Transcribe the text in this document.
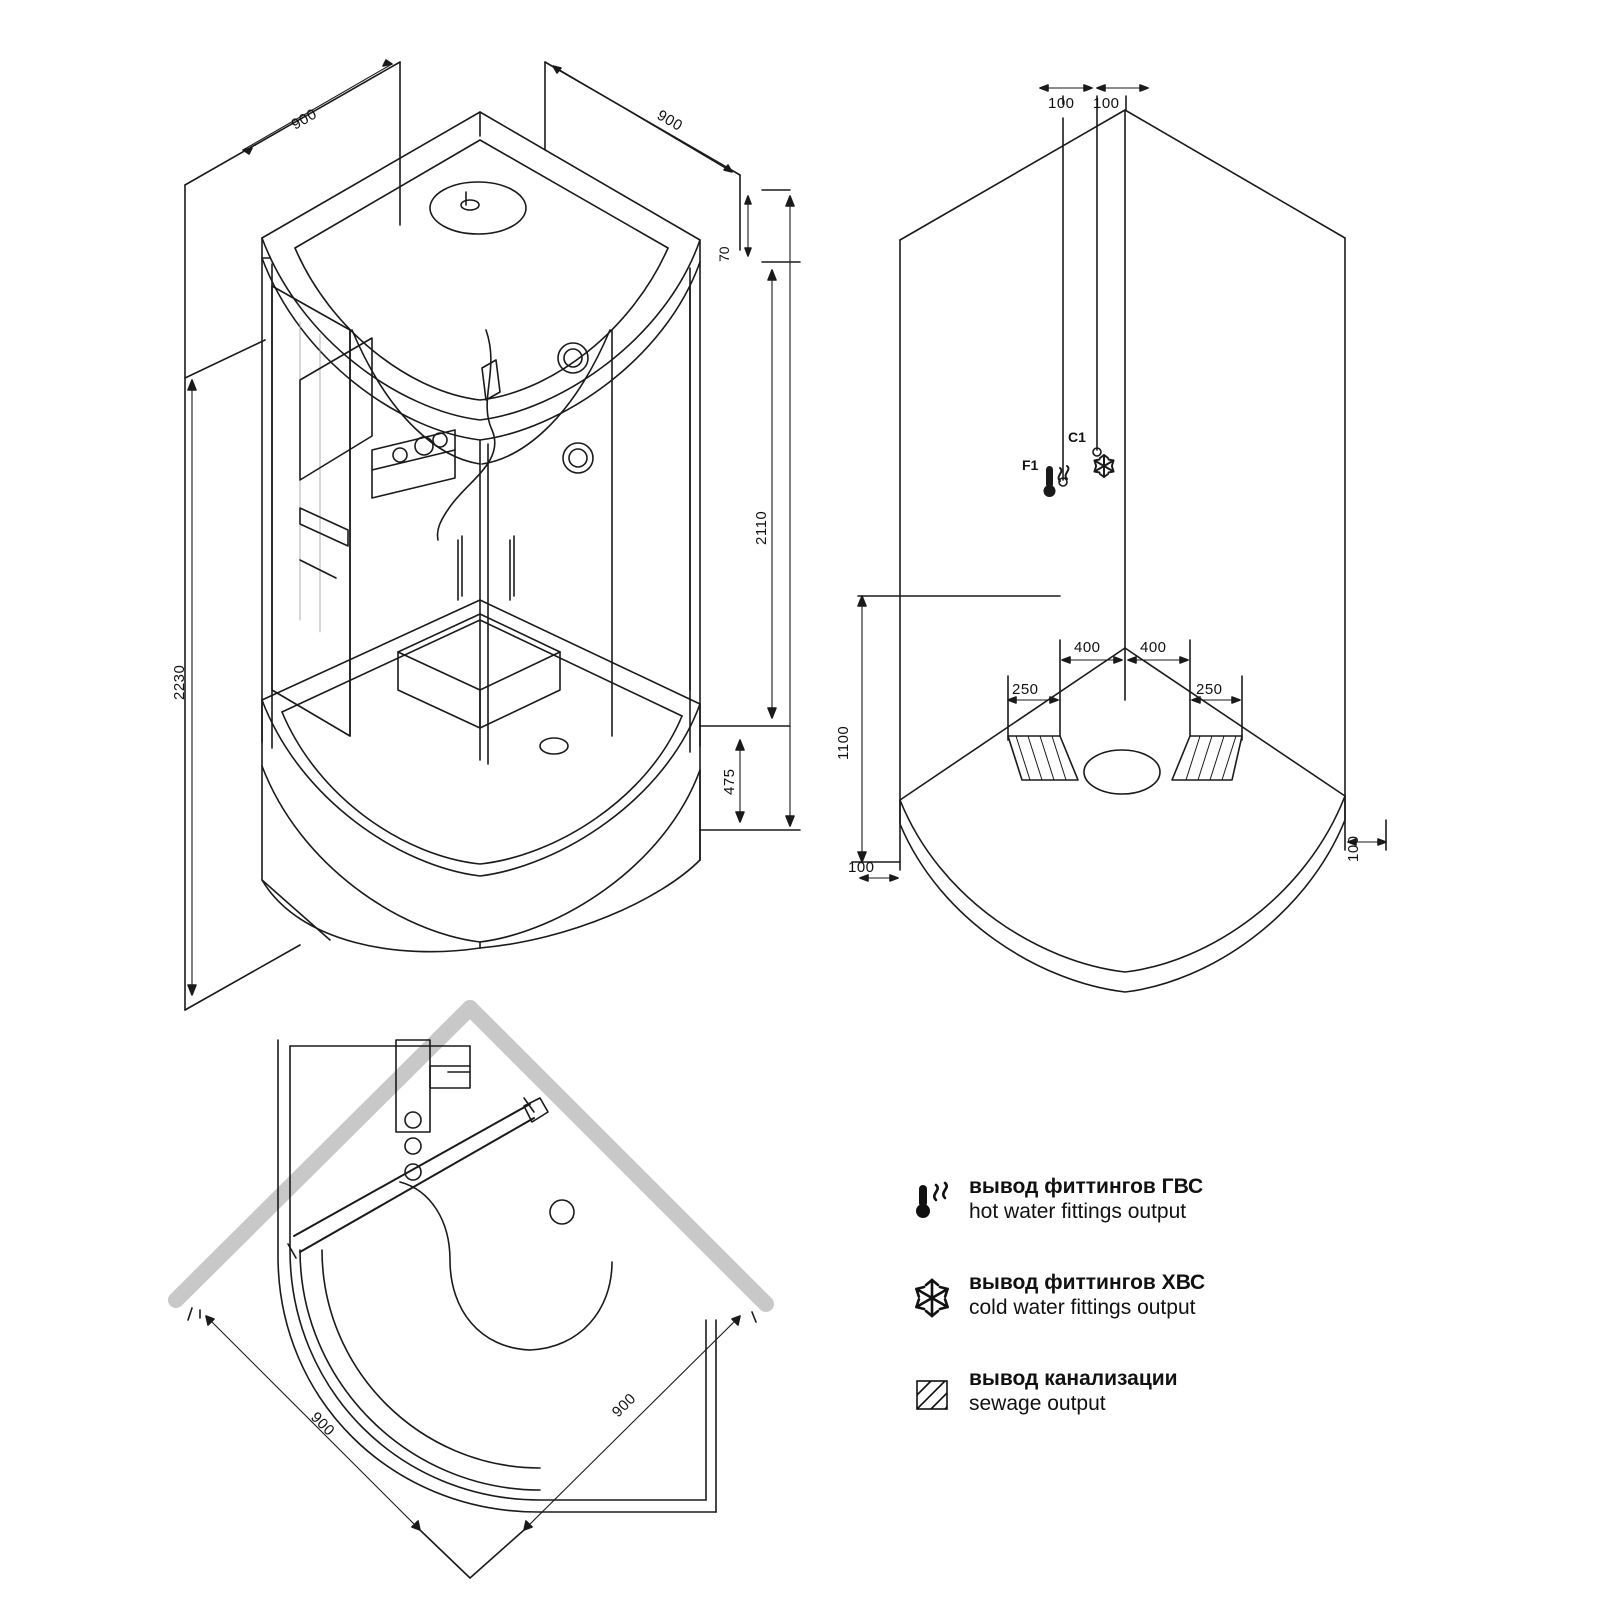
900	900
2230
2110
475
70
100 100
F1
C1
1100
100
100
400	400
250	250
900
900
вывод фиттингов ГВС
hot water fittings output
вывод фиттингов ХВС
cold water fittings output
вывод канализации
sewage output
